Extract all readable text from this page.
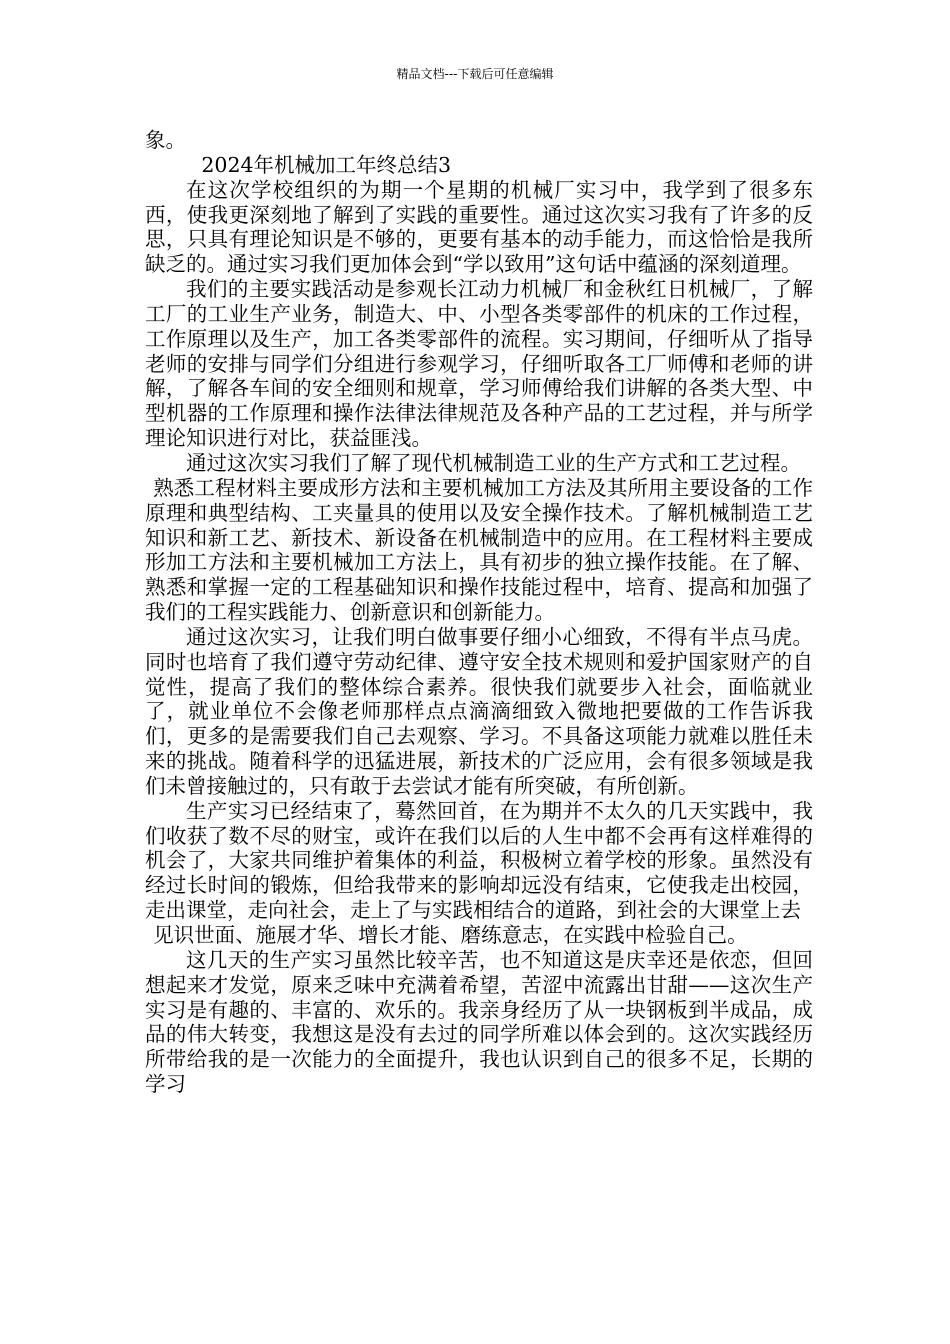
精品文档---下载后可任意编辑

象。

2024年机械加工年终总结3

在这次学校组织的为期一个星期的机械厂实习中，我学到了很多东西，使我更深刻地了解到了实践的重要性。通过这次实习我有了许多的反思，只具有理论知识是不够的，更要有基本的动手能力，而这恰恰是我所缺乏的。通过实习我们更加体会到“学以致用”这句话中蕴涵的深刻道理。

我们的主要实践活动是参观长江动力机械厂和金秋红日机械厂，了解工厂的工业生产业务，制造大、中、小型各类零部件的机床的工作过程，工作原理以及生产，加工各类零部件的流程。实习期间，仔细听从了指导老师的安排与同学们分组进行参观学习，仔细听取各工厂师傅和老师的讲解，了解各车间的安全细则和规章，学习师傅给我们讲解的各类大型、中型机器的工作原理和操作法律法律规范及各种产品的工艺过程，并与所学理论知识进行对比，获益匪浅。

通过这次实习我们了解了现代机械制造工业的生产方式和工艺过程。

熟悉工程材料主要成形方法和主要机械加工方法及其所用主要设备的工作原理和典型结构、工夹量具的使用以及安全操作技术。了解机械制造工艺知识和新工艺、新技术、新设备在机械制造中的应用。在工程材料主要成形加工方法和主要机械加工方法上，具有初步的独立操作技能。在了解、熟悉和掌握一定的工程基础知识和操作技能过程中，培育、提高和加强了我们的工程实践能力、创新意识和创新能力。

通过这次实习，让我们明白做事要仔细小心细致，不得有半点马虎。同时也培育了我们遵守劳动纪律、遵守安全技术规则和爱护国家财产的自觉性，提高了我们的整体综合素养。很快我们就要步入社会，面临就业了，就业单位不会像老师那样点点滴滴细致入微地把要做的工作告诉我们，更多的是需要我们自己去观察、学习。不具备这项能力就难以胜任未来的挑战。随着科学的迅猛进展，新技术的广泛应用，会有很多领域是我们未曾接触过的，只有敢于去尝试才能有所突破，有所创新。

生产实习已经结束了，蓦然回首，在为期并不太久的几天实践中，我们收获了数不尽的财宝，或许在我们以后的人生中都不会再有这样难得的机会了，大家共同维护着集体的利益，积极树立着学校的形象。虽然没有经过长时间的锻炼，但给我带来的影响却远没有结束，它使我走出校园，走出课堂，走向社会，走上了与实践相结合的道路，到社会的大课堂上去

见识世面、施展才华、增长才能、磨练意志，在实践中检验自己。

这几天的生产实习虽然比较辛苦，也不知道这是庆幸还是依恋，但回想起来才发觉，原来乏味中充满着希望，苦涩中流露出甘甜——这次生产实习是有趣的、丰富的、欢乐的。我亲身经历了从一块钢板到半成品，成品的伟大转变，我想这是没有去过的同学所难以体会到的。这次实践经历所带给我的是一次能力的全面提升，我也认识到自己的很多不足，长期的学习
